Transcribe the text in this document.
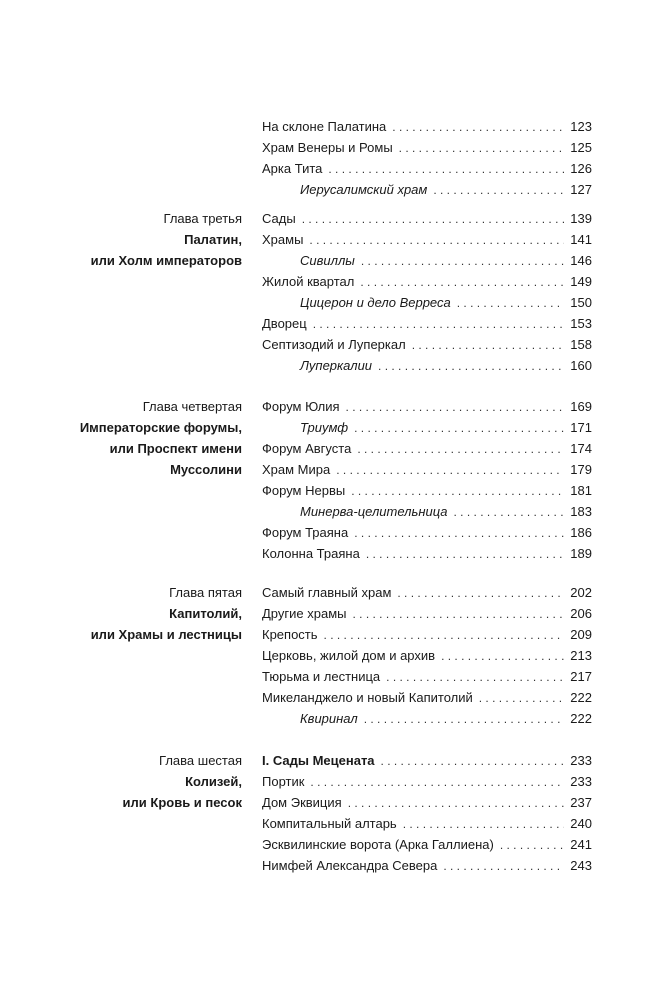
На склоне Палатина . . .	123
Храм Венеры и Ромы . . .	125
Арка Тита . . .	126
Иерусалимский храм . . .	127
Глава третья
Палатин,
или Холм императоров
Сады . . .	139
Храмы . . .	141
Сивиллы . . .	146
Жилой квартал . . .	149
Цицерон и дело Верреса . . .	150
Дворец . . .	153
Септизодий и Луперкал . . .	158
Луперкалии . . .	160
Глава четвертая
Императорские форумы,
или Проспект имени
Муссолини
Форум Юлия . . .	169
Триумф . . .	171
Форум Августа . . .	174
Храм Мира . . .	179
Форум Нервы . . .	181
Минерва-целительница . . .	183
Форум Траяна . . .	186
Колонна Траяна . . .	189
Глава пятая
Капитолий,
или Храмы и лестницы
Самый главный храм . . .	202
Другие храмы . . .	206
Крепость . . .	209
Церковь, жилой дом и архив . . .	213
Тюрьма и лестница . . .	217
Микеланджело и новый Капитолий . . .	222
Квиринал . . .	222
Глава шестая
Колизей,
или Кровь и песок
I. Сады Мецената . . .	233
Портик . . .	233
Дом Эквиция . . .	237
Компитальный алтарь . . .	240
Эсквилинские ворота (Арка Галлиена) . . .	241
Нимфей Александра Севера . . .	243
